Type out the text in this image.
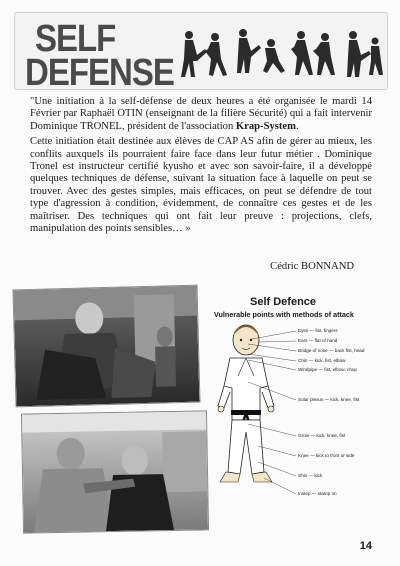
SELF
DEFENSE

"Une initiation à la self-défense de deux heures a été organisée le mardi 14 Février par Raphaël OTIN (enseignant de la filière Sécurité) qui a fait intervenir Dominique TRONEL, président de l'association Krap-System.

Cette initiation était destinée aux élèves de CAP AS afin de gérer au mieux, les conflits auxquels ils pourraient faire face dans leur futur métier . Dominique Tronel est instructeur certifié kyusho et avec son savoir-faire, il a développé quelques techniques de défense, suivant la situation face à laquelle on peut se trouver. Avec des gestes simples, mais efficaces, on peut se défendre de tout type d'agression à condition, évidemment, de connaître ces gestes et de les maîtriser. Des techniques qui ont fait leur preuve : projections, clefs, manipulation des points sensibles… »

Cédric BONNAND
Self Defence
Vulnerable points with methods of attack
Eyes — fist, fingers
Ears — flat of hand
Bridge of nose — back fist, head
Chin — kick, fist, elbow
Windpipe — fist, elbow, chop
Solar plexus — kick, knee, fist
Groin — kick, knee, fist
Knee — kick to front or side
Shin — kick
Instep — stamp on
14
